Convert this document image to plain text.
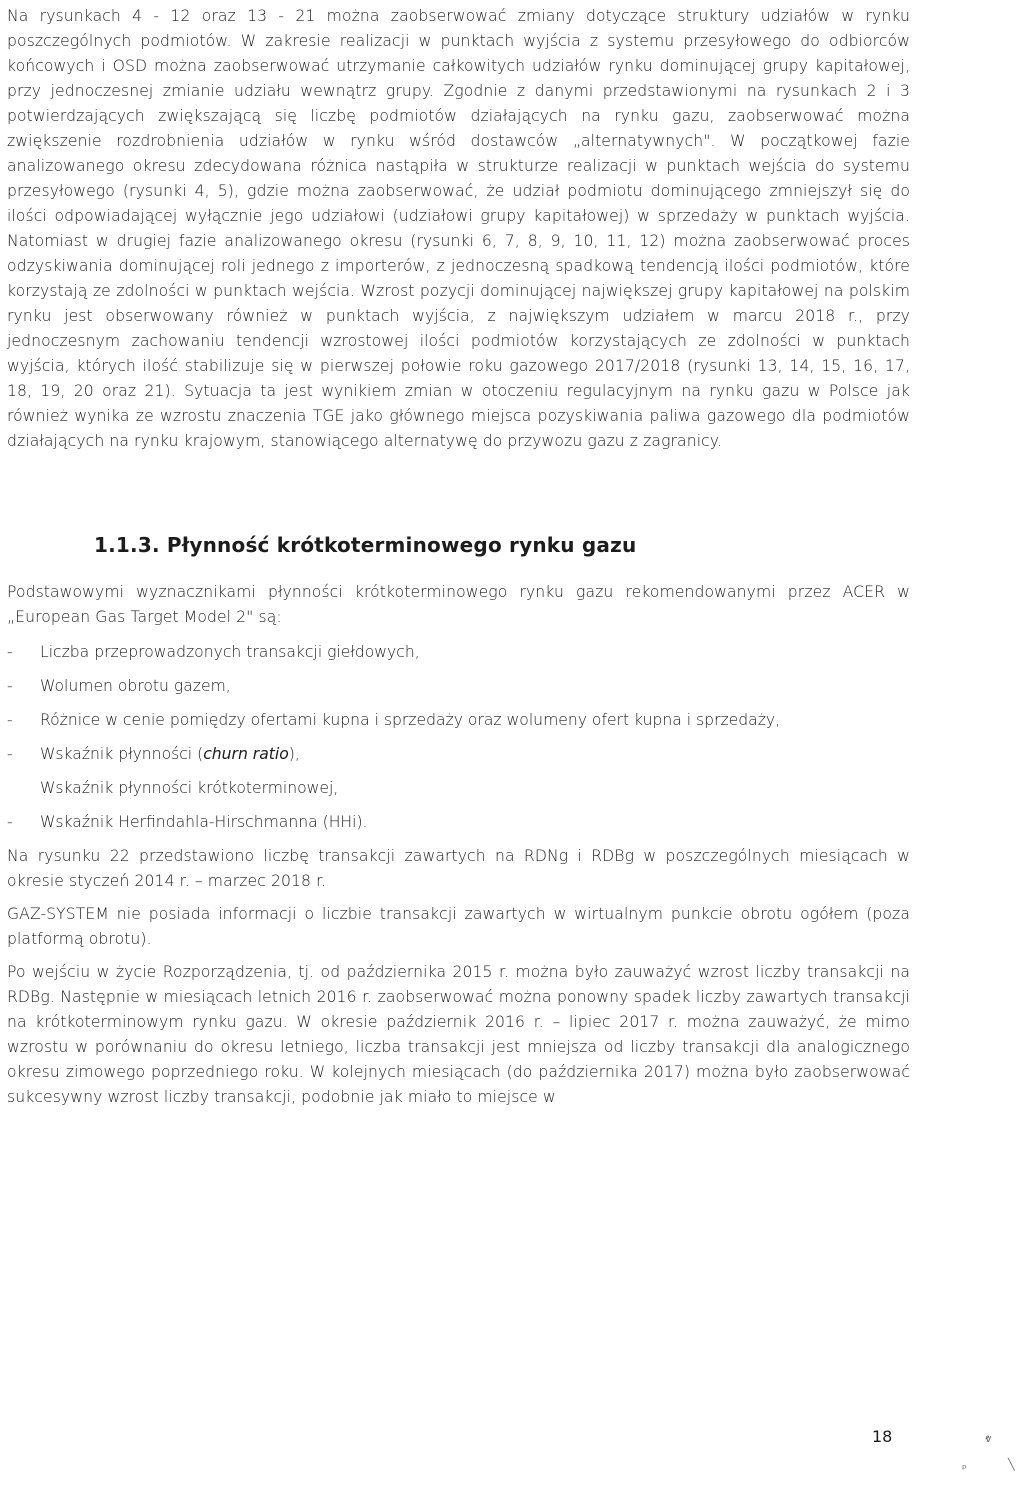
Na rysunkach 4 - 12 oraz 13 - 21 można zaobserwować zmiany dotyczące struktury udziałów w rynku poszczególnych podmiotów. W zakresie realizacji w punktach wyjścia z systemu przesyłowego do odbiorców końcowych i OSD można zaobserwować utrzymanie całkowitych udziałów rynku dominującej grupy kapitałowej, przy jednoczesnej zmianie udziału wewnątrz grupy. Zgodnie z danymi przedstawionymi na rysunkach 2 i 3 potwierdzających zwiększającą się liczbę podmiotów działających na rynku gazu, zaobserwować można zwiększenie rozdrobnienia udziałów w rynku wśród dostawców „alternatywnych". W początkowej fazie analizowanego okresu zdecydowana różnica nastąpiła w strukturze realizacji w punktach wejścia do systemu przesyłowego (rysunki 4, 5), gdzie można zaobserwować, że udział podmiotu dominującego zmniejszył się do ilości odpowiadającej wyłącznie jego udziałowi (udziałowi grupy kapitałowej) w sprzedaży w punktach wyjścia. Natomiast w drugiej fazie analizowanego okresu (rysunki 6, 7, 8, 9, 10, 11, 12) można zaobserwować proces odzyskiwania dominującej roli jednego z importerów, z jednoczesną spadkową tendencją ilości podmiotów, które korzystają ze zdolności w punktach wejścia. Wzrost pozycji dominującej największej grupy kapitałowej na polskim rynku jest obserwowany również w punktach wyjścia, z największym udziałem w marcu 2018 r., przy jednoczesnym zachowaniu tendencji wzrostowej ilości podmiotów korzystających ze zdolności w punktach wyjścia, których ilość stabilizuje się w pierwszej połowie roku gazowego 2017/2018 (rysunki 13, 14, 15, 16, 17, 18, 19, 20 oraz 21). Sytuacja ta jest wynikiem zmian w otoczeniu regulacyjnym na rynku gazu w Polsce jak również wynika ze wzrostu znaczenia TGE jako głównego miejsca pozyskiwania paliwa gazowego dla podmiotów działających na rynku krajowym, stanowiącego alternatywę do przywozu gazu z zagranicy.

1.1.3. Płynność krótkoterminowego rynku gazu

Podstawowymi wyznacznikami płynności krótkoterminowego rynku gazu rekomendowanymi przez ACER w „European Gas Target Model 2" są:

- Liczba przeprowadzonych transakcji giełdowych,
- Wolumen obrotu gazem,
- Różnice w cenie pomiędzy ofertami kupna i sprzedaży oraz wolumeny ofert kupna i sprzedaży,
- Wskaźnik płynności (churn ratio),
Wskaźnik płynności krótkoterminowej,
- Wskaźnik Herfindahla-Hirschmanna (HHi).

Na rysunku 22 przedstawiono liczbę transakcji zawartych na RDNg i RDBg w poszczególnych miesiącach w okresie styczeń 2014 r. – marzec 2018 r.

GAZ-SYSTEM nie posiada informacji o liczbie transakcji zawartych w wirtualnym punkcie obrotu ogółem (poza platformą obrotu).

Po wejściu w życie Rozporządzenia, tj. od października 2015 r. można było zauważyć wzrost liczby transakcji na RDBg. Następnie w miesiącach letnich 2016 r. zaobserwować można ponowny spadek liczby zawartych transakcji na krótkoterminowym rynku gazu. W okresie październik 2016 r. – lipiec 2017 r. można zauważyć, że mimo wzrostu w porównaniu do okresu letniego, liczba transakcji jest mniejsza od liczby transakcji dla analogicznego okresu zimowego poprzedniego roku. W kolejnych miesiącach (do października 2017) można było zaobserwować sukcesywny wzrost liczby transakcji, podobnie jak miało to miejsce w

18	ⱴ
ᵖ	╲
